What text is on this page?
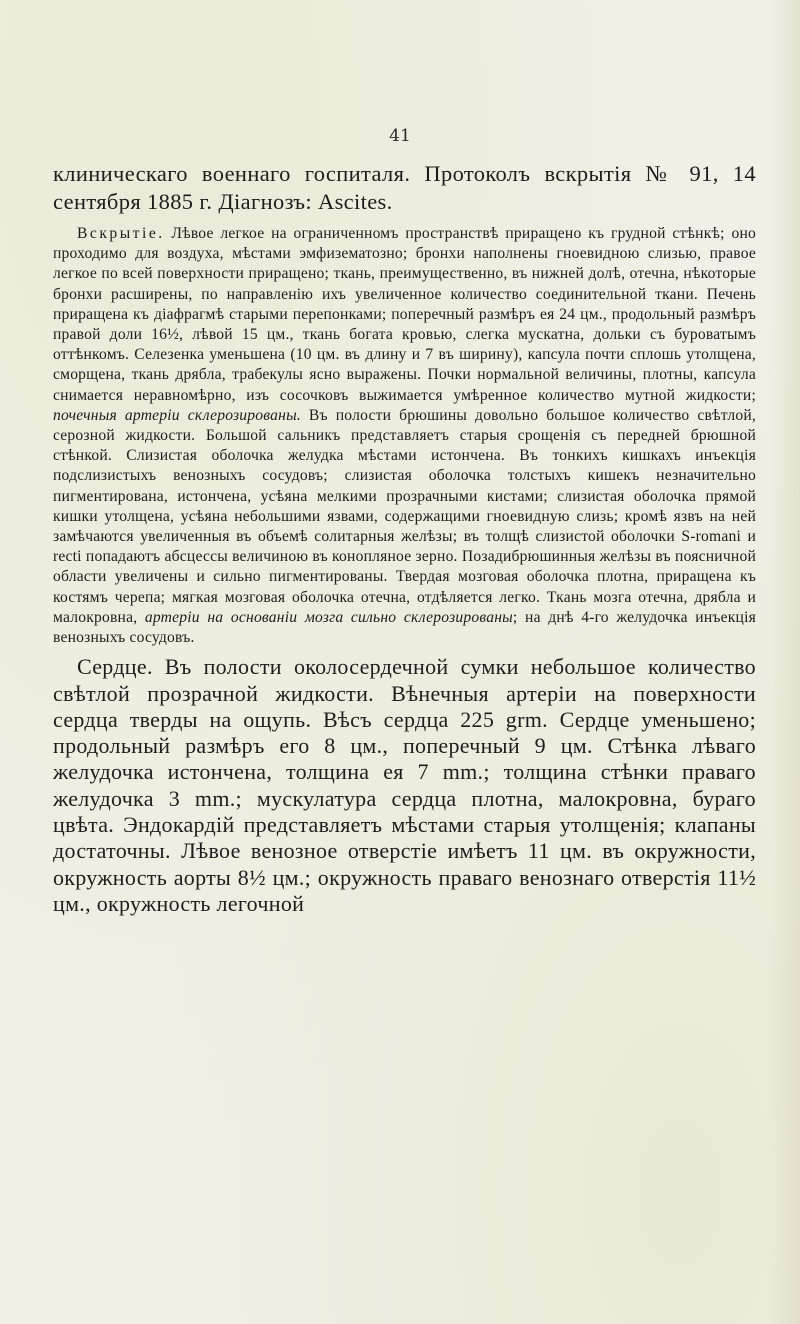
41

клиническаго военнаго госпиталя. Протоколъ вскрытія № 91, 14 сентября 1885 г. Діагнозъ: Ascites.

Вскрытіе. Лѣвое легкое на ограниченномъ пространствѣ приращено къ грудной стѣнкѣ; оно проходимо для воздуха, мѣстами эмфизематозно; бронхи наполнены гноевидною слизью, правое легкое по всей поверхности приращено; ткань, преимущественно, въ нижней долѣ, отечна, нѣкоторые бронхи расширены, по направленію ихъ увеличенное количество соединительной ткани. Печень приращена къ діафрагмѣ старыми перепонками; поперечный размѣръ ея 24 цм., продольный размѣръ правой доли 16½, лѣвой 15 цм., ткань богата кровью, слегка мускатна, дольки съ буроватымъ оттѣнкомъ. Селезенка уменьшена (10 цм. въ длину и 7 въ ширину), капсула почти сплошь утолщена, сморщена, ткань дрябла, трабекулы ясно выражены. Почки нормальной величины, плотны, капсула снимается неравномѣрно, изъ сосочковъ выжимается умѣренное количество мутной жидкости; почечныя артеріи склерозированы. Въ полости брюшины довольно большое количество свѣтлой, серозной жидкости. Большой сальникъ представляетъ старыя срощенія съ передней брюшной стѣнкой. Слизистая оболочка желудка мѣстами истончена. Въ тонкихъ кишкахъ инъекція подслизистыхъ венозныхъ сосудовъ; слизистая оболочка толстыхъ кишекъ незначительно пигментирована, истончена, усѣяна мелкими прозрачными кистами; слизистая оболочка прямой кишки утолщена, усѣяна небольшими язвами, содержащими гноевидную слизь; кромѣ язвъ на ней замѣчаются увеличенныя въ объемѣ солитарныя желѣзы; въ толщѣ слизистой оболочки S-romani и recti попадаютъ абсцессы величиною въ конопляное зерно. Позадибрюшинныя желѣзы въ поясничной области увеличены и сильно пигментированы. Твердая мозговая оболочка плотна, приращена къ костямъ черепа; мягкая мозговая оболочка отечна, отдѣляется легко. Ткань мозга отечна, дрябла и малокровна, артеріи на основаніи мозга сильно склерозированы; на днѣ 4-го желудочка инъекція венозныхъ сосудовъ.

Сердце. Въ полости околосердечной сумки небольшое количество свѣтлой прозрачной жидкости. Вѣнечныя артеріи на поверхности сердца тверды на ощупь. Вѣсъ сердца 225 grm. Сердце уменьшено; продольный размѣръ его 8 цм., поперечный 9 цм. Стѣнка лѣваго желудочка истончена, толщина ея 7 mm.; толщина стѣнки праваго желудочка 3 mm.; мускулатура сердца плотна, малокровна, бураго цвѣта. Эндокардій представляетъ мѣстами старыя утолщенія; клапаны достаточны. Лѣвое венозное отверстіе имѣетъ 11 цм. въ окружности, окружность аорты 8½ цм.; окружность праваго венознаго отверстія 11½ цм., окружность легочной
